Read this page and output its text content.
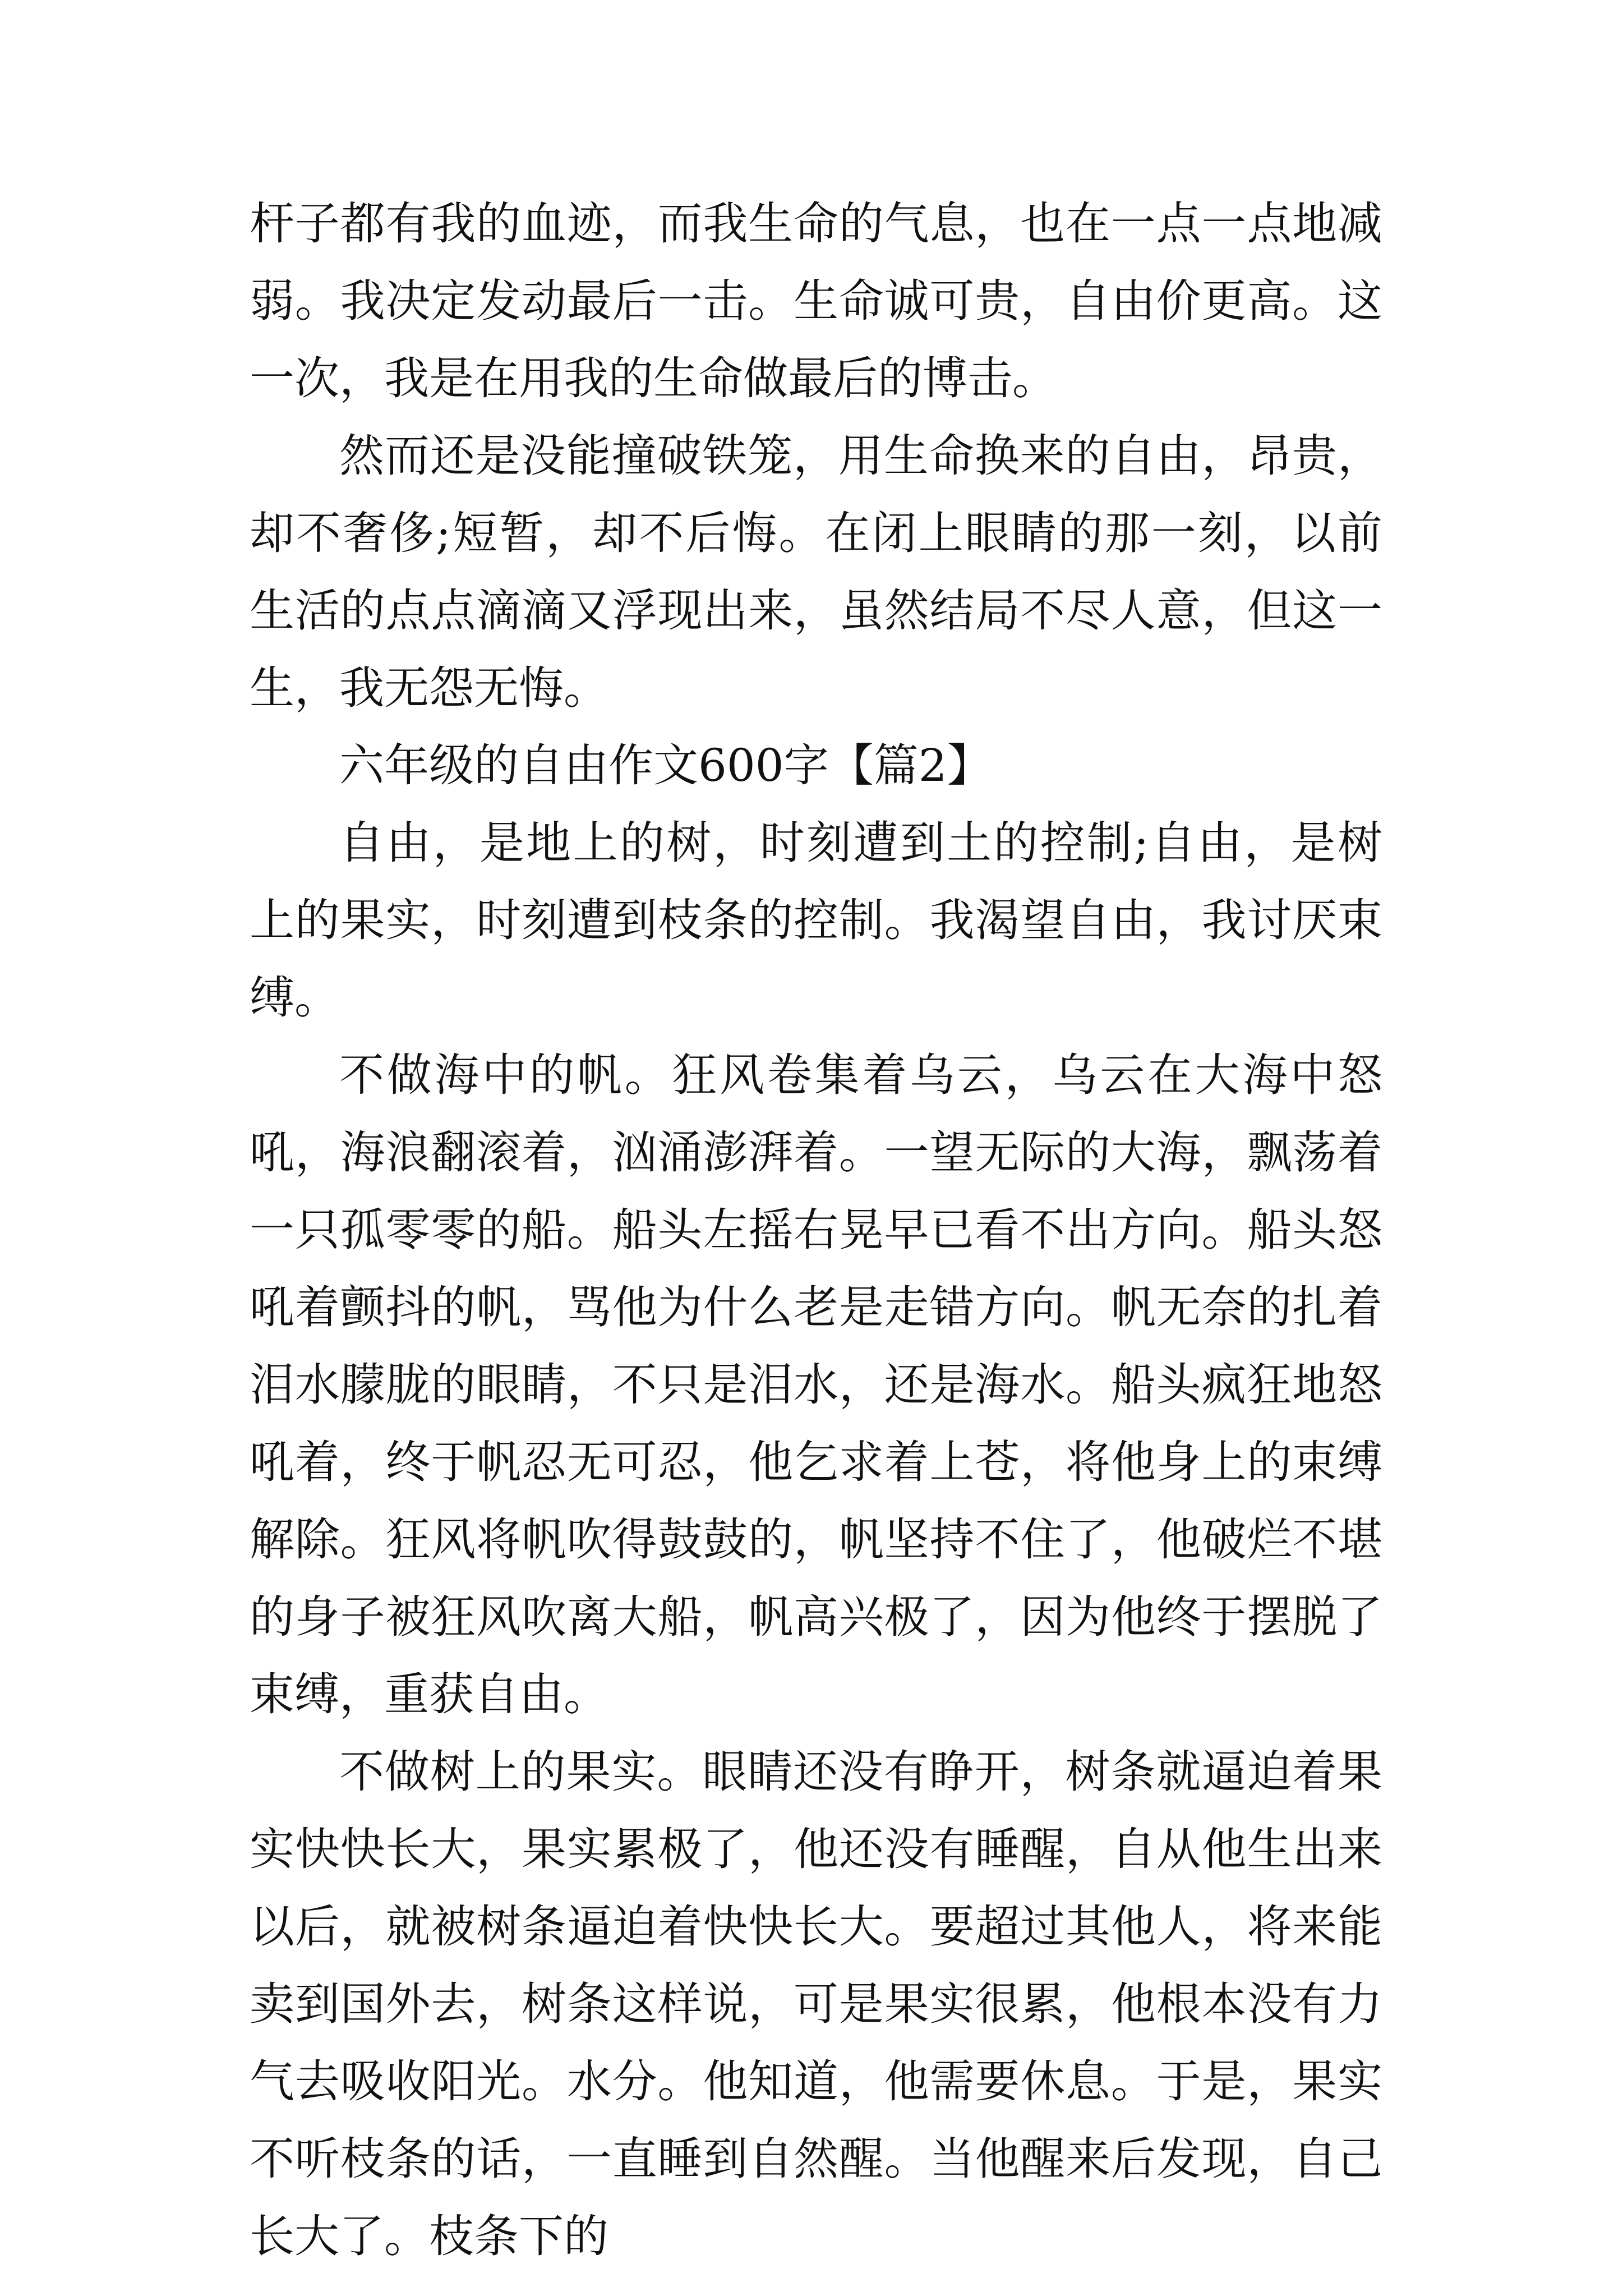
杆子都有我的血迹，而我生命的气息，也在一点一点地减弱。我决定发动最后一击。生命诚可贵，自由价更高。这一次，我是在用我的生命做最后的博击。

然而还是没能撞破铁笼，用生命换来的自由，昂贵，却不奢侈;短暂，却不后悔。在闭上眼睛的那一刻，以前生活的点点滴滴又浮现出来，虽然结局不尽人意，但这一生，我无怨无悔。

六年级的自由作文600字【篇2】

自由，是地上的树，时刻遭到土的控制;自由，是树上的果实，时刻遭到枝条的控制。我渴望自由，我讨厌束缚。

不做海中的帆。狂风卷集着乌云，乌云在大海中怒吼，海浪翻滚着，汹涌澎湃着。一望无际的大海，飘荡着一只孤零零的船。船头左摇右晃早已看不出方向。船头怒吼着颤抖的帆，骂他为什么老是走错方向。帆无奈的扎着泪水朦胧的眼睛，不只是泪水，还是海水。船头疯狂地怒吼着，终于帆忍无可忍，他乞求着上苍，将他身上的束缚解除。狂风将帆吹得鼓鼓的，帆坚持不住了，他破烂不堪的身子被狂风吹离大船，帆高兴极了，因为他终于摆脱了束缚，重获自由。

不做树上的果实。眼睛还没有睁开，树条就逼迫着果实快快长大，果实累极了，他还没有睡醒，自从他生出来以后，就被树条逼迫着快快长大。要超过其他人，将来能卖到国外去，树条这样说，可是果实很累，他根本没有力气去吸收阳光。水分。他知道，他需要休息。于是，果实不听枝条的话，一直睡到自然醒。当他醒来后发现，自己长大了。枝条下的
